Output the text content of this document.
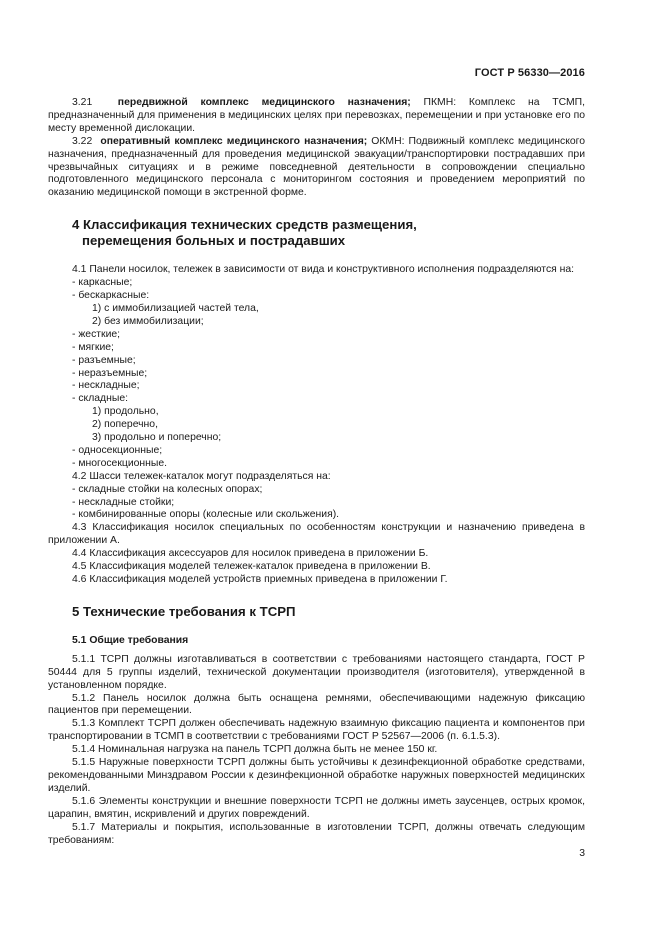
ГОСТ Р 56330—2016

3.21 передвижной комплекс медицинского назначения; ПКМН: Комплекс на ТСМП, предназначенный для применения в медицинских целях при перевозках, перемещении и при установке его по месту временной дислокации.

3.22 оперативный комплекс медицинского назначения; ОКМН: Подвижный комплекс медицинского назначения, предназначенный для проведения медицинской эвакуации/транспортировки пострадавших при чрезвычайных ситуациях и в режиме повседневной деятельности в сопровождении специально подготовленного медицинского персонала с мониторингом состояния и проведением мероприятий по оказанию медицинской помощи в экстренной форме.

4 Классификация технических средств размещения,
перемещения больных и пострадавших

4.1 Панели носилок, тележек в зависимости от вида и конструктивного исполнения подразделяются на:

- каркасные;

- бескаркасные:

1) с иммобилизацией частей тела,

2) без иммобилизации;

- жесткие;

- мягкие;

- разъемные;

- неразъемные;

- нескладные;

- складные:

1) продольно,

2) поперечно,

3) продольно и поперечно;

- односекционные;

- многосекционные.

4.2 Шасси тележек-каталок могут подразделяться на:

- складные стойки на колесных опорах;

- нескладные стойки;

- комбинированные опоры (колесные или скольжения).

4.3 Классификация носилок специальных по особенностям конструкции и назначению приведена в приложении А.

4.4 Классификация аксессуаров для носилок приведена в приложении Б.

4.5 Классификация моделей тележек-каталок приведена в приложении В.

4.6 Классификация моделей устройств приемных приведена в приложении Г.

5 Технические требования к ТСРП
5.1 Общие требования

5.1.1 ТСРП должны изготавливаться в соответствии с требованиями настоящего стандарта, ГОСТ Р 50444 для 5 группы изделий, технической документации производителя (изготовителя), утвержденной в установленном порядке.

5.1.2 Панель носилок должна быть оснащена ремнями, обеспечивающими надежную фиксацию пациентов при перемещении.

5.1.3 Комплект ТСРП должен обеспечивать надежную взаимную фиксацию пациента и компонентов при транспортировании в ТСМП в соответствии с требованиями ГОСТ Р 52567—2006 (п. 6.1.5.3).

5.1.4 Номинальная нагрузка на панель ТСРП должна быть не менее 150 кг.

5.1.5 Наружные поверхности ТСРП должны быть устойчивы к дезинфекционной обработке средствами, рекомендованными Минздравом России к дезинфекционной обработке наружных поверхностей медицинских изделий.

5.1.6 Элементы конструкции и внешние поверхности ТСРП не должны иметь заусенцев, острых кромок, царапин, вмятин, искривлений и других повреждений.

5.1.7 Материалы и покрытия, использованные в изготовлении ТСРП, должны отвечать следующим требованиям:

3
